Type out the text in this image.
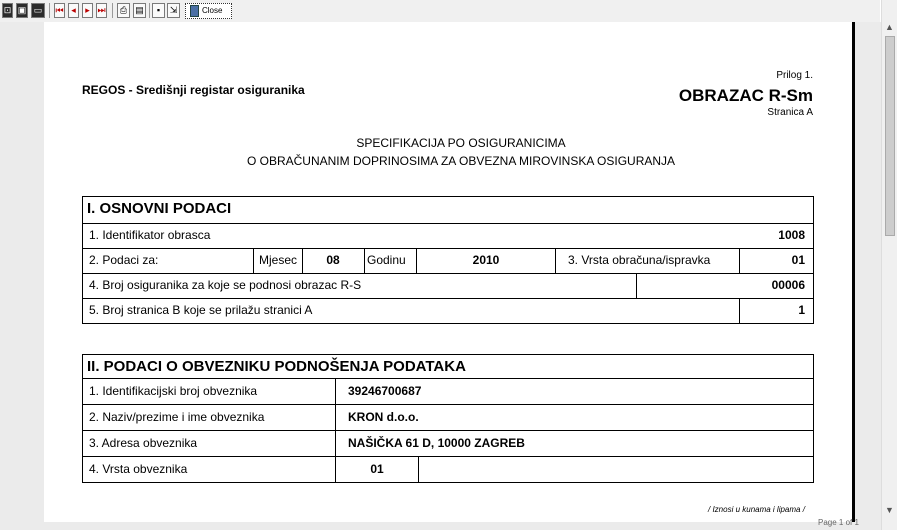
⊡ ▣ ▭	⏮ ◂	▸ ⏭	⎙ ▤	▪	⇲	Close
▲
▼
REGOS - Središnji registar osiguranika
Prilog 1.
OBRAZAC R-Sm
Stranica A
SPECIFIKACIJA PO OSIGURANICIMA
O OBRAČUNANIM DOPRINOSIMA ZA OBVEZNA MIROVINSKA OSIGURANJA
I. OSNOVNI PODACI
1. Identifikator obrasca	1008
2. Podaci za:	Mjesec	08	Godinu	2010	3. Vrsta obračuna/ispravka	01
4. Broj osiguranika za koje se podnosi obrazac R-S	00006
5. Broj stranica B koje se prilažu stranici A	1
II. PODACI O OBVEZNIKU PODNOŠENJA PODATAKA
1. Identifikacijski broj obveznika	39246700687
2. Naziv/prezime i ime obveznika	KRON d.o.o.
3. Adresa obveznika	NAŠIČKA 61 D, 10000 ZAGREB
4. Vrsta obveznika	01
/ Iznosi u kunama i lipama /
Page 1 of 1
